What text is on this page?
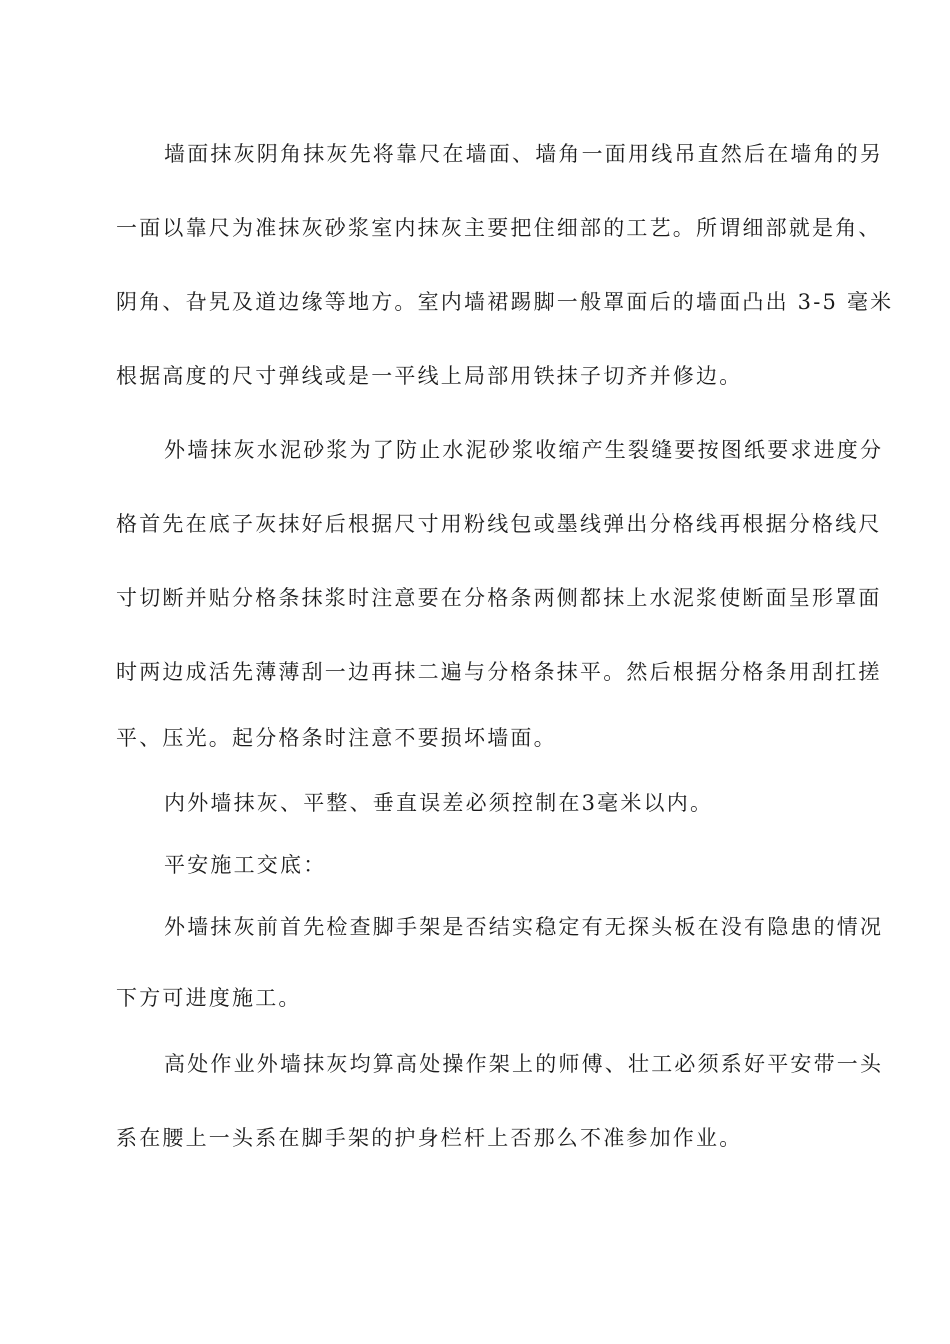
墙面抹灰阴角抹灰先将靠尺在墙面、墙角一面用线吊直然后在墙角的另
一面以靠尺为准抹灰砂浆室内抹灰主要把住细部的工艺。所谓细部就是角、
阴角、旮旯及道边缘等地方。室内墙裙踢脚一般罩面后的墙面凸出 3-5 毫米
根据高度的尺寸弹线或是一平线上局部用铁抹子切齐并修边。
外墙抹灰水泥砂浆为了防止水泥砂浆收缩产生裂缝要按图纸要求进度分
格首先在底子灰抹好后根据尺寸用粉线包或墨线弹出分格线再根据分格线尺
寸切断并贴分格条抹浆时注意要在分格条两侧都抹上水泥浆使断面呈形罩面
时两边成活先薄薄刮一边再抹二遍与分格条抹平。然后根据分格条用刮扛搓
平、压光。起分格条时注意不要损坏墙面。
内外墙抹灰、平整、垂直误差必须控制在3毫米以内。
平安施工交底：
外墙抹灰前首先检查脚手架是否结实稳定有无探头板在没有隐患的情况
下方可进度施工。
高处作业外墙抹灰均算高处操作架上的师傅、壮工必须系好平安带一头
系在腰上一头系在脚手架的护身栏杆上否那么不准参加作业。
